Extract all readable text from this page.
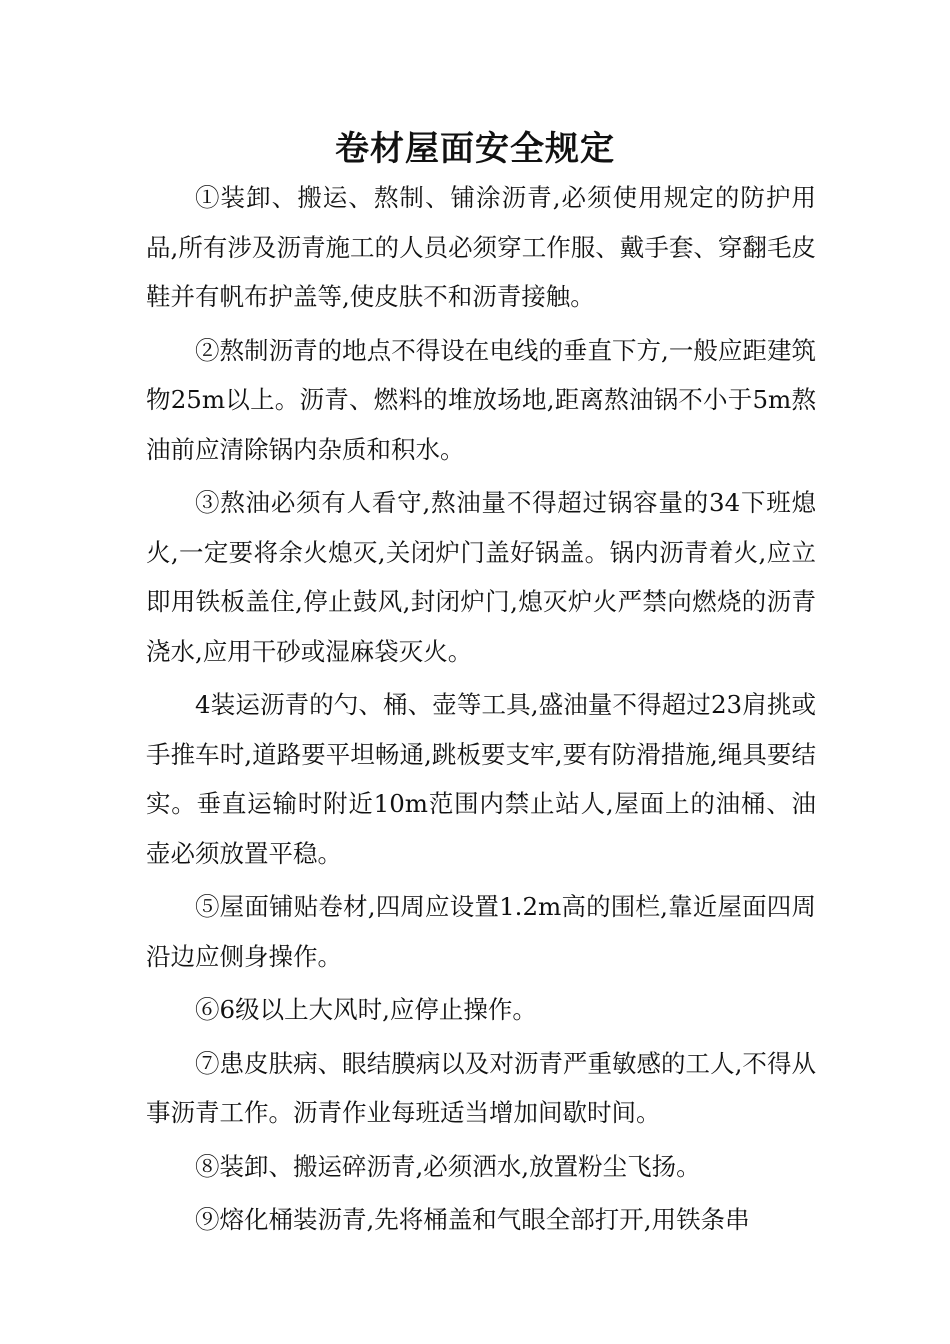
卷材屋面安全规定

①装卸、搬运、熬制、铺涂沥青,必须使用规定的防护用品,所有涉及沥青施工的人员必须穿工作服、戴手套、穿翻毛皮鞋并有帆布护盖等,使皮肤不和沥青接触。

②熬制沥青的地点不得设在电线的垂直下方,一般应距建筑物25m以上。沥青、燃料的堆放场地,距离熬油锅不小于5m熬油前应清除锅内杂质和积水。

③熬油必须有人看守,熬油量不得超过锅容量的34下班熄火,一定要将余火熄灭,关闭炉门盖好锅盖。锅内沥青着火,应立即用铁板盖住,停止鼓风,封闭炉门,熄灭炉火严禁向燃烧的沥青浇水,应用干砂或湿麻袋灭火。

4装运沥青的勺、桶、壶等工具,盛油量不得超过23肩挑或手推车时,道路要平坦畅通,跳板要支牢,要有防滑措施,绳具要结实。垂直运输时附近10m范围内禁止站人,屋面上的油桶、油壶必须放置平稳。

⑤屋面铺贴卷材,四周应设置1.2m高的围栏,靠近屋面四周沿边应侧身操作。

⑥6级以上大风时,应停止操作。

⑦患皮肤病、眼结膜病以及对沥青严重敏感的工人,不得从事沥青工作。沥青作业每班适当增加间歇时间。

⑧装卸、搬运碎沥青,必须洒水,放置粉尘飞扬。

⑨熔化桶装沥青,先将桶盖和气眼全部打开,用铁条串
